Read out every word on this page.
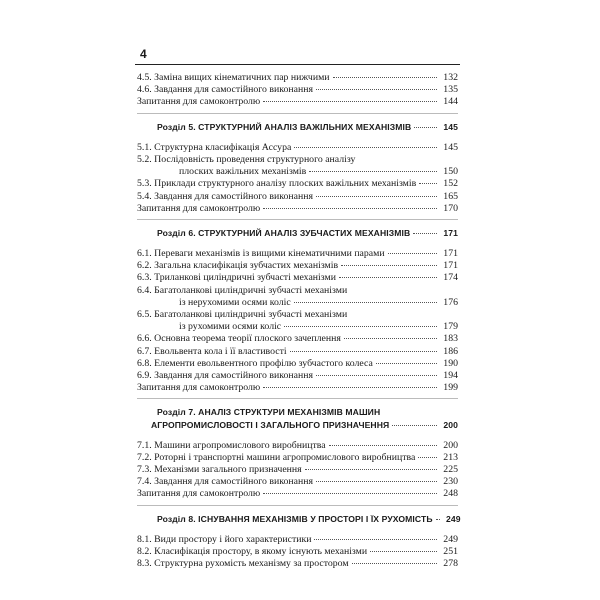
4
4.5. Заміна вищих кінематичних пар нижчими	132
4.6. Завдання для самостійного виконання	135
Запитання для самоконтролю	144
Розділ 5. СТРУКТУРНИЙ АНАЛІЗ ВАЖІЛЬНИХ МЕХАНІЗМІВ	145
5.1. Структурна класифікація Ассура	145
5.2. Послідовність проведення структурного аналізу
плоских важільних механізмів	150
5.3. Приклади структурного аналізу плоских важільних механізмів	152
5.4. Завдання для самостійного виконання	165
Запитання для самоконтролю	170
Розділ 6. СТРУКТУРНИЙ АНАЛІЗ ЗУБЧАСТИХ МЕХАНІЗМІВ	171
6.1. Переваги механізмів із вищими кінематичними парами	171
6.2. Загальна класифікація зубчастих механізмів	171
6.3. Триланкові циліндричні зубчасті механізми	174
6.4. Багатоланкові циліндричні зубчасті механізми
із нерухомими осями коліс	176
6.5. Багатоланкові циліндричні зубчасті механізми
із рухомими осями коліс	179
6.6. Основна теорема теорії плоского зачеплення	183
6.7. Евольвента кола і її властивості	186
6.8. Елементи евольвентного профілю зубчастого колеса	190
6.9. Завдання для самостійного виконання	194
Запитання для самоконтролю	199
Розділ 7. АНАЛІЗ СТРУКТУРИ МЕХАНІЗМІВ МАШИН
АГРОПРОМИСЛОВОСТІ І ЗАГАЛЬНОГО ПРИЗНАЧЕННЯ	200
7.1. Машини агропромислового виробництва	200
7.2. Роторні і транспортні машини агропромислового виробництва	213
7.3. Механізми загального призначення	225
7.4. Завдання для самостійного виконання	230
Запитання для самоконтролю	248
Розділ 8. ІСНУВАННЯ МЕХАНІЗМІВ У ПРОСТОРІ І ЇХ РУХОМІСТЬ	249
8.1. Види простору і його характеристики	249
8.2. Класифікація простору, в якому існують механізми	251
8.3. Структурна рухомість механізму за простором	278
